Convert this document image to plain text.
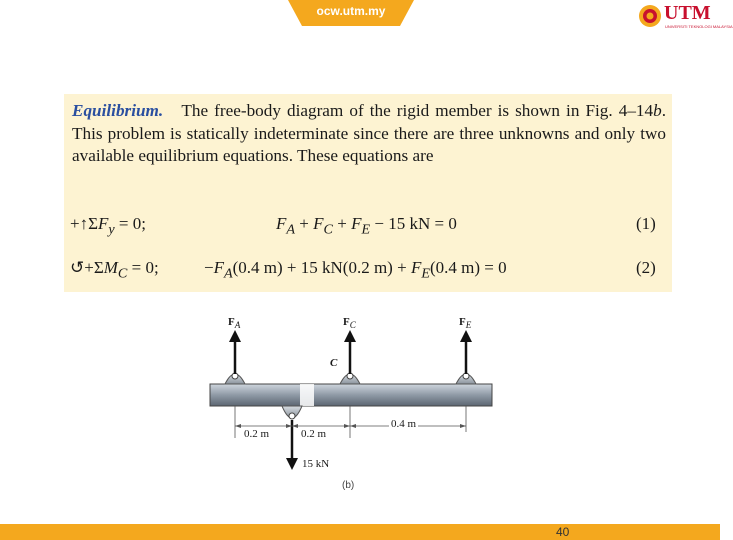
ocw.utm.my	UTM
UNIVERSITI TEKNOLOGI MALAYSIA

Equilibrium. The free-body diagram of the rigid member is shown in Fig. 4–14b. This problem is statically indeterminate since there are three unknowns and only two available equilibrium equations. These equations are

$+↑\Sigma F_y = 0$;	$F_A + F_C + F_E - 15$ kN = 0	(1)
$↺+\Sigma M_C = 0$;	$-F_A(0.4$ m) + 15 kN(0.2 $m) + F_E(0.4$ m) = 0	(2)
$F_A$	$F_C$	$F_E$
C
0.2 m	0.2 m
0.4 m
15 kN
(b)
40
